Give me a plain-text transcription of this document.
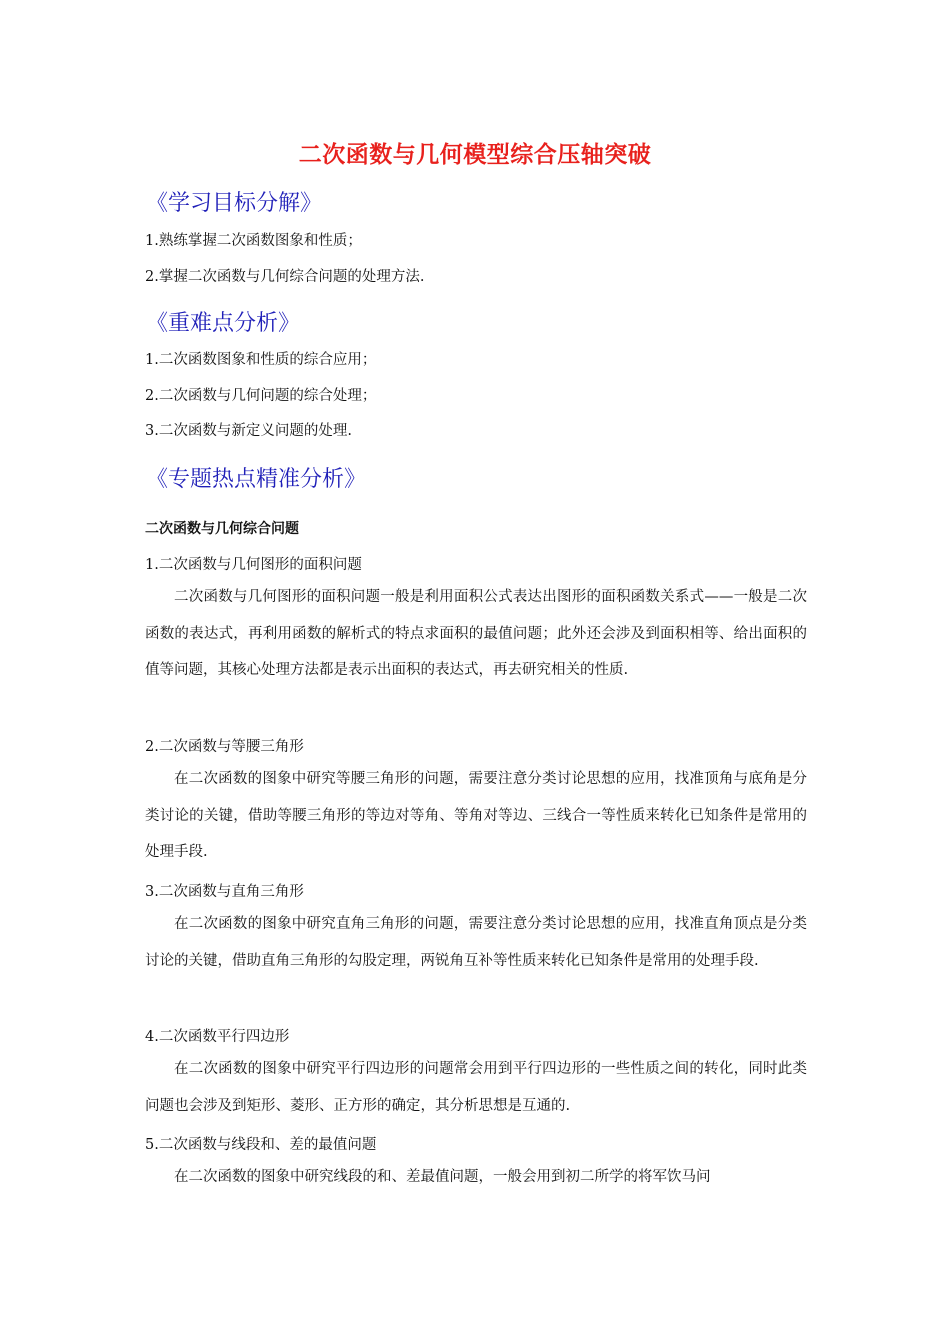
二次函数与几何模型综合压轴突破
《学习目标分解》
1.熟练掌握二次函数图象和性质；
2.掌握二次函数与几何综合问题的处理方法.
《重难点分析》
1.二次函数图象和性质的综合应用；
2.二次函数与几何问题的综合处理；
3.二次函数与新定义问题的处理.
《专题热点精准分析》
二次函数与几何综合问题
1.二次函数与几何图形的面积问题
二次函数与几何图形的面积问题一般是利用面积公式表达出图形的面积函数关系式——一般是二次函数的表达式，再利用函数的解析式的特点求面积的最值问题；此外还会涉及到面积相等、给出面积的值等问题，其核心处理方法都是表示出面积的表达式，再去研究相关的性质.
2.二次函数与等腰三角形
在二次函数的图象中研究等腰三角形的问题，需要注意分类讨论思想的应用，找准顶角与底角是分类讨论的关键，借助等腰三角形的等边对等角、等角对等边、三线合一等性质来转化已知条件是常用的处理手段.
3.二次函数与直角三角形
在二次函数的图象中研究直角三角形的问题，需要注意分类讨论思想的应用，找准直角顶点是分类讨论的关键，借助直角三角形的勾股定理，两锐角互补等性质来转化已知条件是常用的处理手段.
4.二次函数平行四边形
在二次函数的图象中研究平行四边形的问题常会用到平行四边形的一些性质之间的转化，同时此类问题也会涉及到矩形、菱形、正方形的确定，其分析思想是互通的.
5.二次函数与线段和、差的最值问题
在二次函数的图象中研究线段的和、差最值问题，一般会用到初二所学的将军饮马问
